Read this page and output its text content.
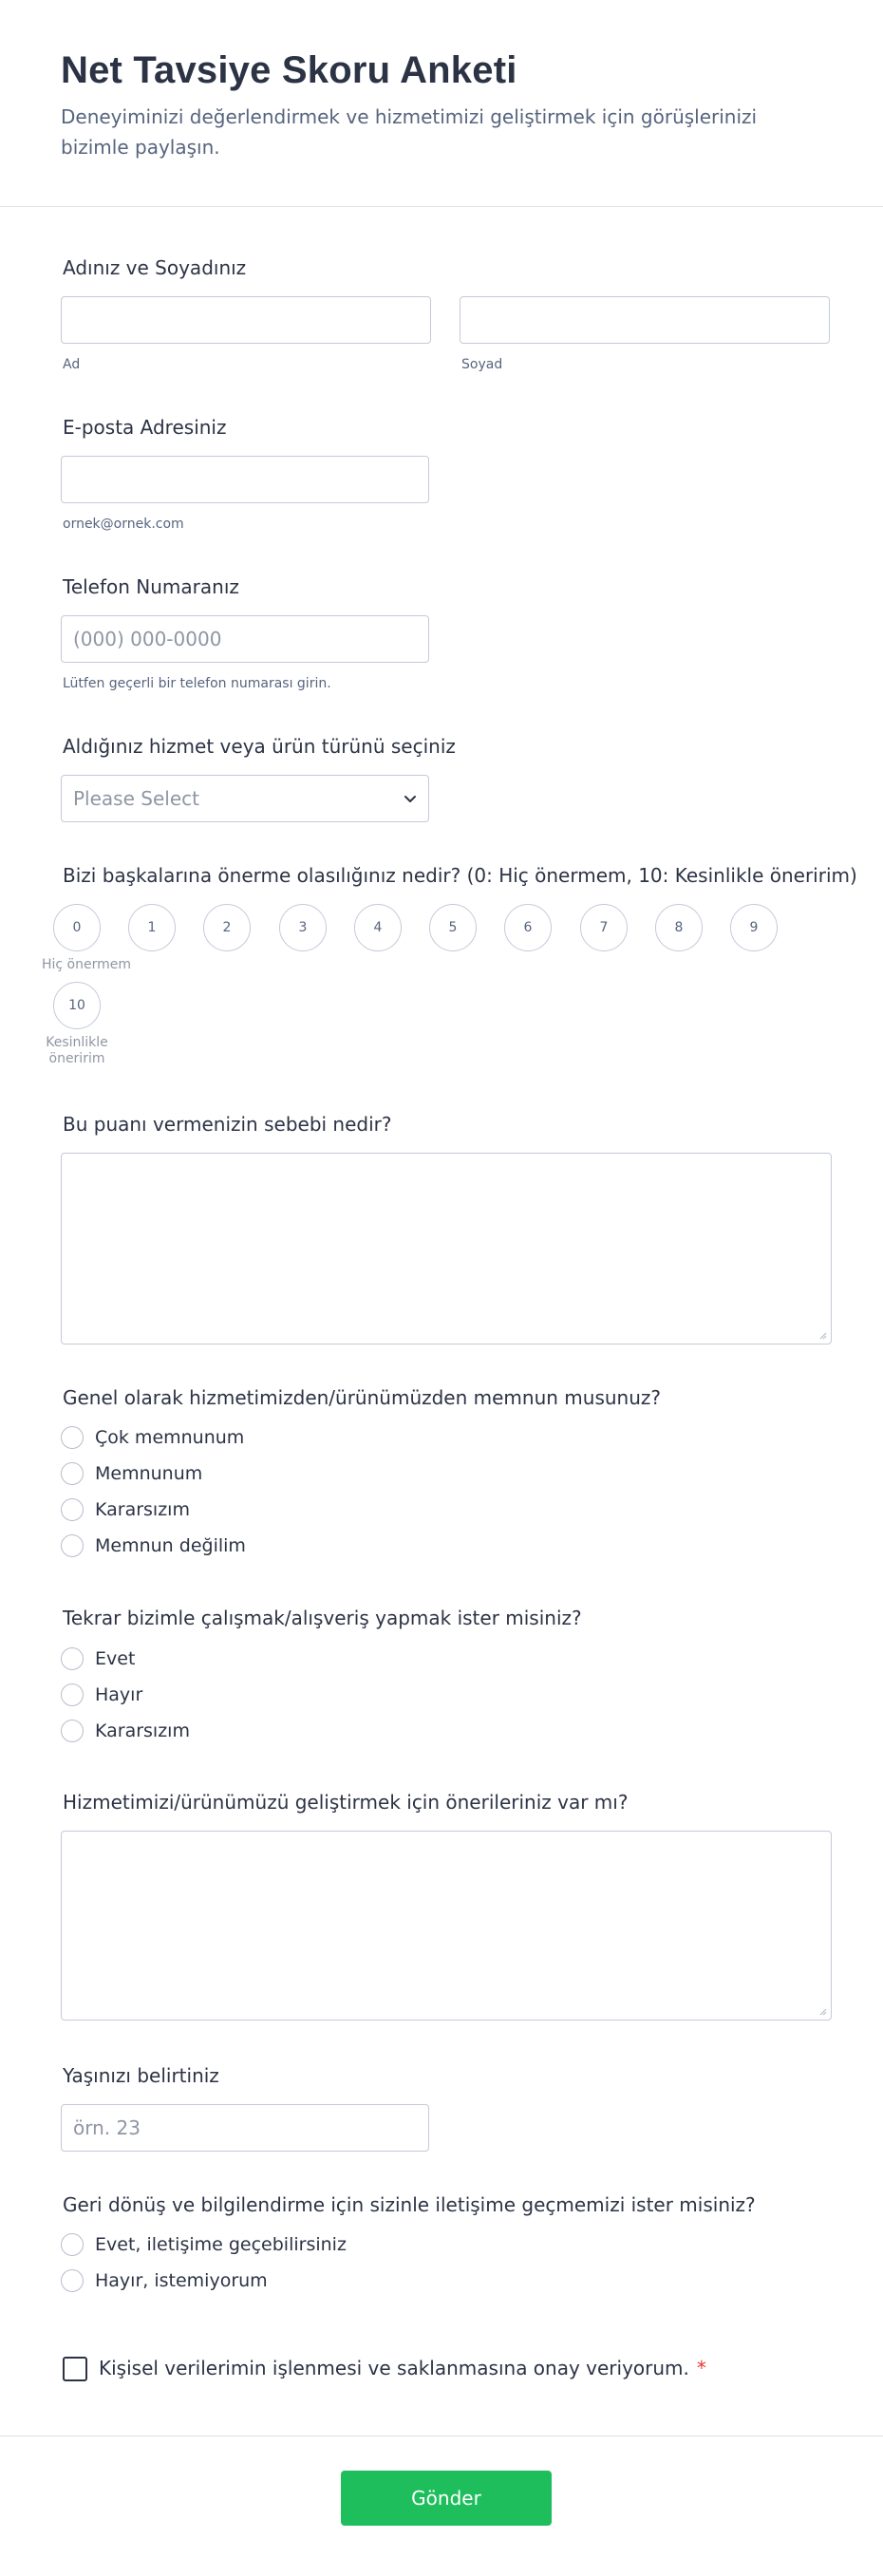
Net Tavsiye Skoru Anketi

Deneyiminizi değerlendirmek ve hizmetimizi geliştirmek için görüşlerinizi bizimle paylaşın.

Adınız ve Soyadınız
Ad	Soyad
E-posta Adresiniz
ornek@ornek.com
Telefon Numaranız
(000) 000-0000
Lütfen geçerli bir telefon numarası girin.
Aldığınız hizmet veya ürün türünü seçiniz
Please Select
Bizi başkalarına önerme olasılığınız nedir? (0: Hiç önermem, 10: Kesinlikle öneririm)
0	1	2	3	4	5	6	7	8	9
Hiç önermem
10
Kesinlikle
öneririm
Bu puanı vermenizin sebebi nedir?
Genel olarak hizmetimizden/ürünümüzden memnun musunuz?
Çok memnunum
Memnunum
Kararsızım
Memnun değilim
Tekrar bizimle çalışmak/alışveriş yapmak ister misiniz?
Evet
Hayır
Kararsızım
Hizmetimizi/ürünümüzü geliştirmek için önerileriniz var mı?
Yaşınızı belirtiniz
örn. 23
Geri dönüş ve bilgilendirme için sizinle iletişime geçmemizi ister misiniz?
Evet, iletişime geçebilirsiniz
Hayır, istemiyorum
Kişisel verilerimin işlenmesi ve saklanmasına onay veriyorum. *
Gönder
